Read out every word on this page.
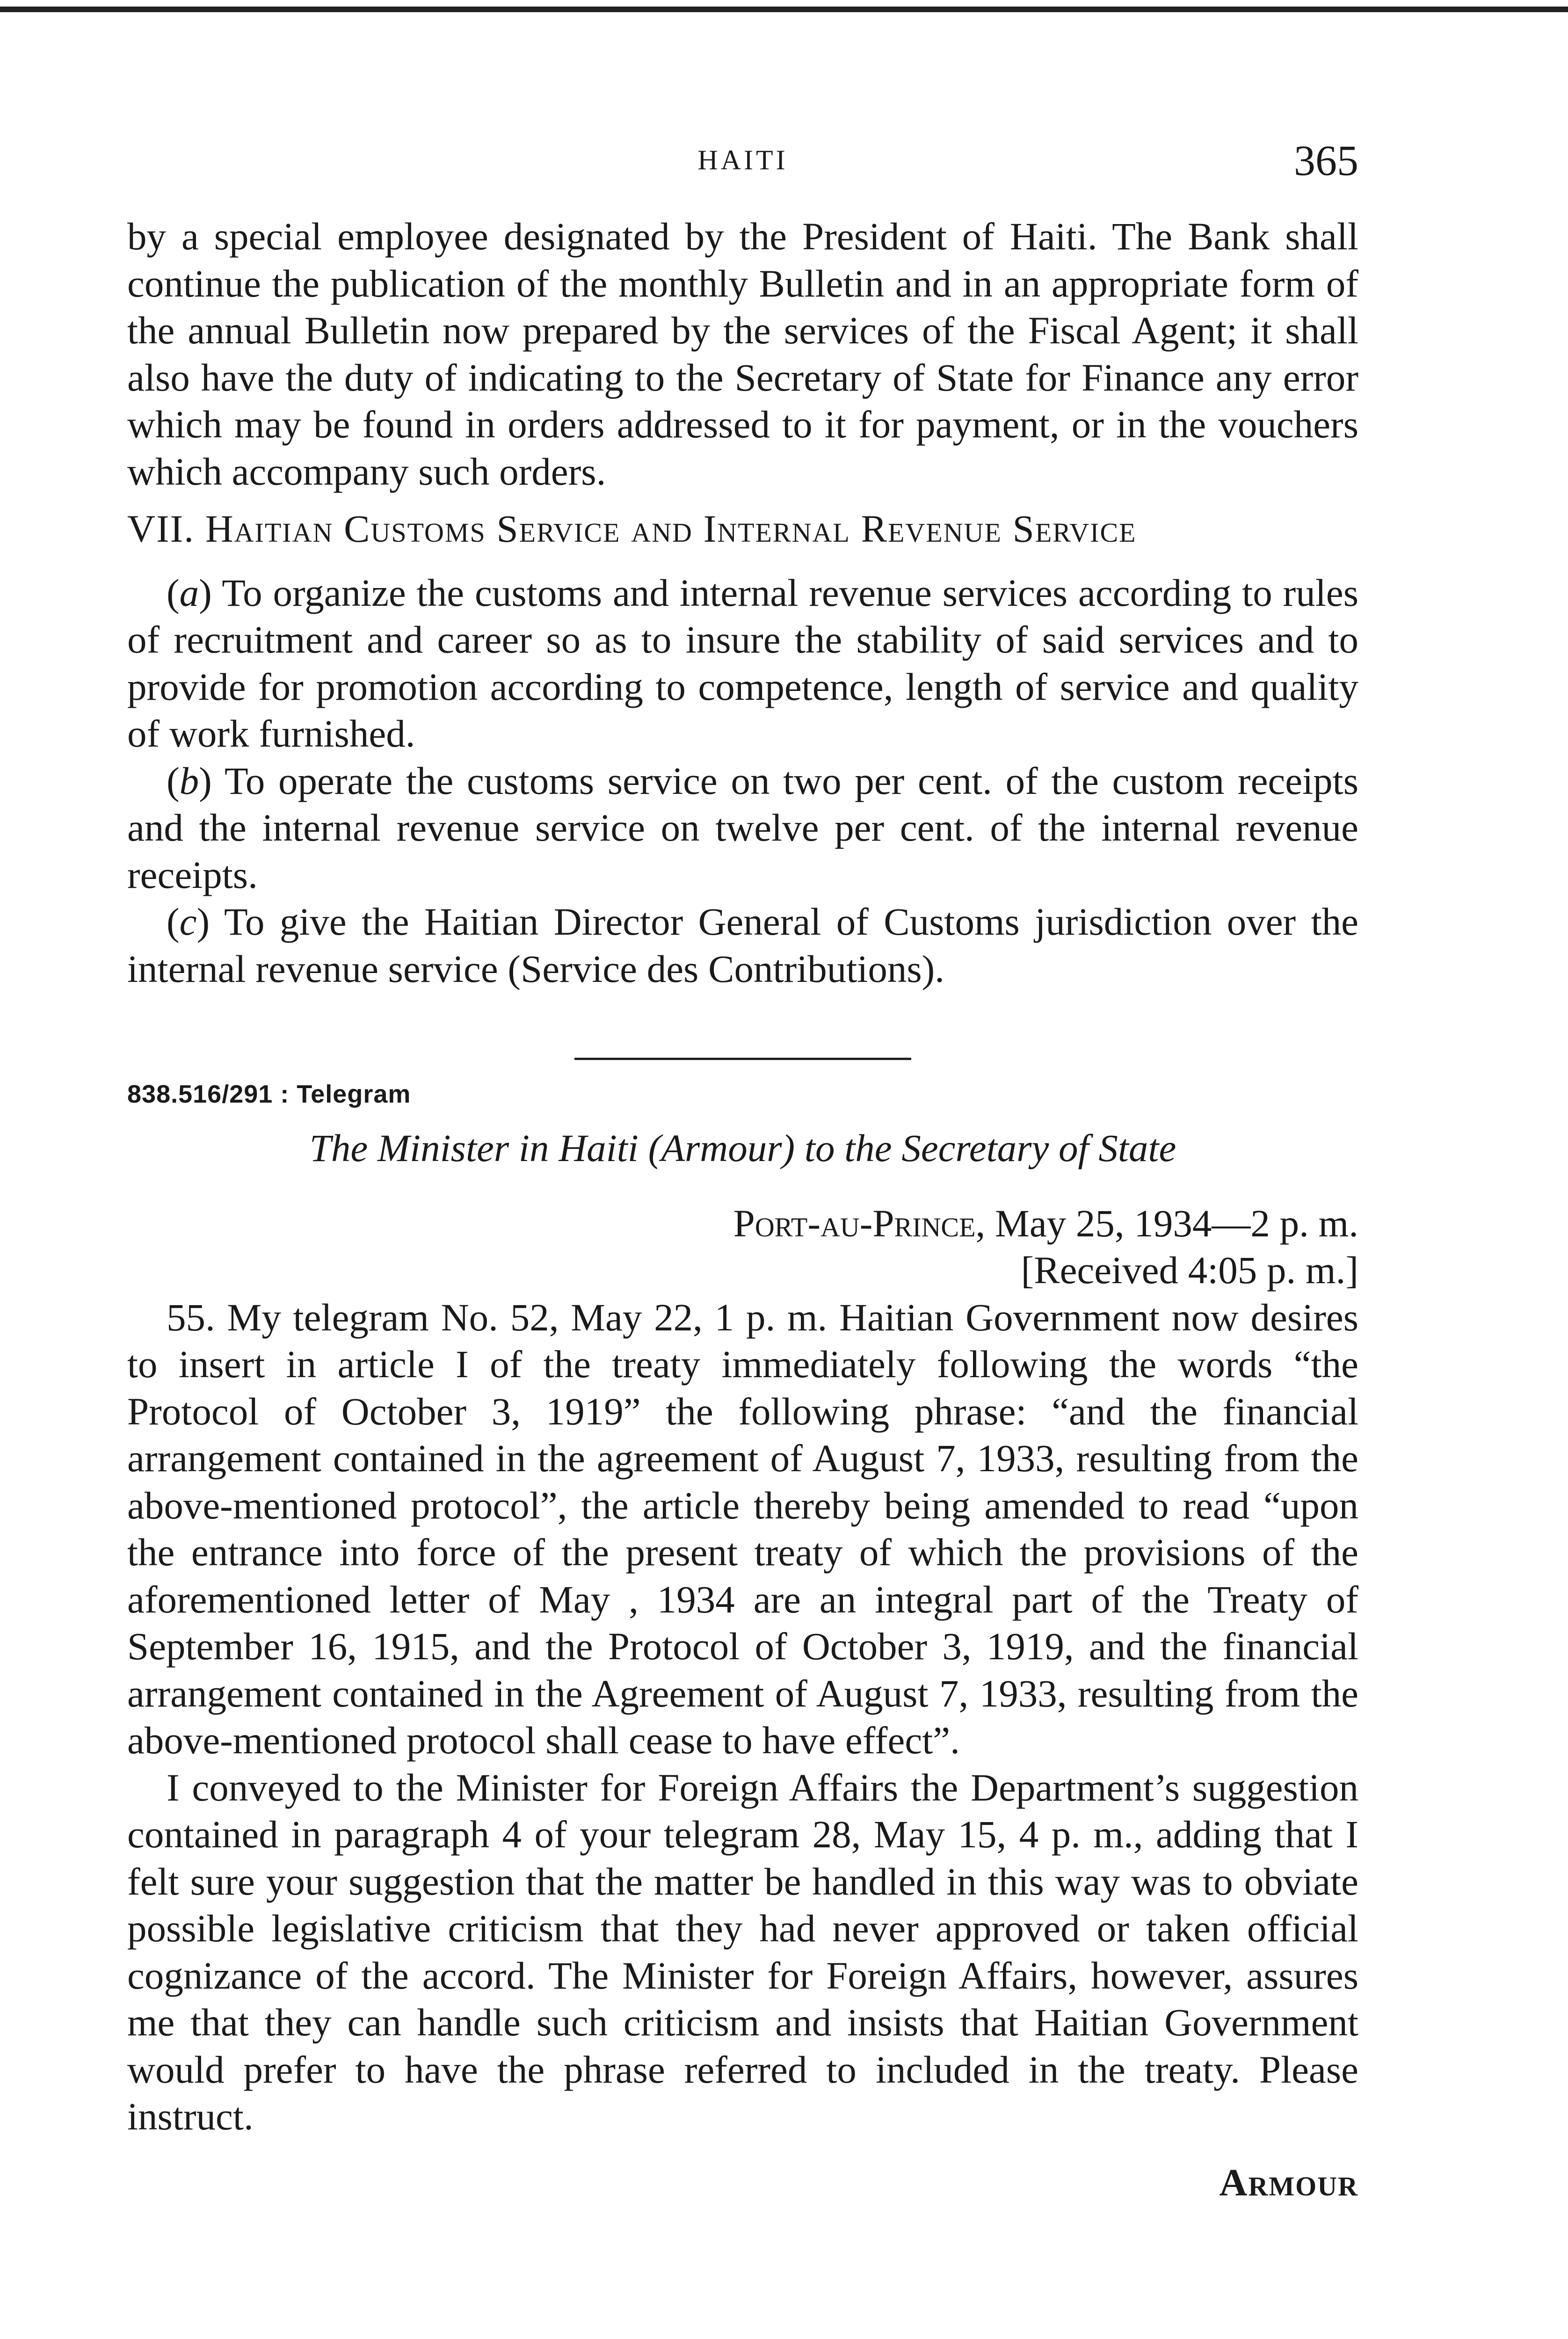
HAITI	365

by a special employee designated by the President of Haiti. The Bank shall continue the publication of the monthly Bulletin and in an appropriate form of the annual Bulletin now prepared by the services of the Fiscal Agent; it shall also have the duty of indicating to the Secretary of State for Finance any error which may be found in orders addressed to it for payment, or in the vouchers which accompany such orders.

VII. Haitian Customs Service and Internal Revenue Service

(a) To organize the customs and internal revenue services according to rules of recruitment and career so as to insure the stability of said services and to provide for promotion according to competence, length of service and quality of work furnished.

(b) To operate the customs service on two per cent. of the custom receipts and the internal revenue service on twelve per cent. of the internal revenue receipts.

(c) To give the Haitian Director General of Customs jurisdiction over the internal revenue service (Service des Contributions).

838.516/291 : Telegram

The Minister in Haiti (Armour) to the Secretary of State

Port-au-Prince, May 25, 1934—2 p. m.

[Received 4:05 p. m.]

55. My telegram No. 52, May 22, 1 p. m. Haitian Government now desires to insert in article I of the treaty immediately following the words “the Protocol of October 3, 1919” the following phrase: “and the financial arrangement contained in the agreement of August 7, 1933, resulting from the above-mentioned protocol”, the article thereby being amended to read “upon the entrance into force of the present treaty of which the provisions of the aforementioned letter of May , 1934 are an integral part of the Treaty of September 16, 1915, and the Protocol of October 3, 1919, and the financial arrangement contained in the Agreement of August 7, 1933, resulting from the above-mentioned protocol shall cease to have effect”.

I conveyed to the Minister for Foreign Affairs the Department’s suggestion contained in paragraph 4 of your telegram 28, May 15, 4 p. m., adding that I felt sure your suggestion that the matter be handled in this way was to obviate possible legislative criticism that they had never approved or taken official cognizance of the accord. The Minister for Foreign Affairs, however, assures me that they can handle such criticism and insists that Haitian Government would prefer to have the phrase referred to included in the treaty. Please instruct.

Armour
